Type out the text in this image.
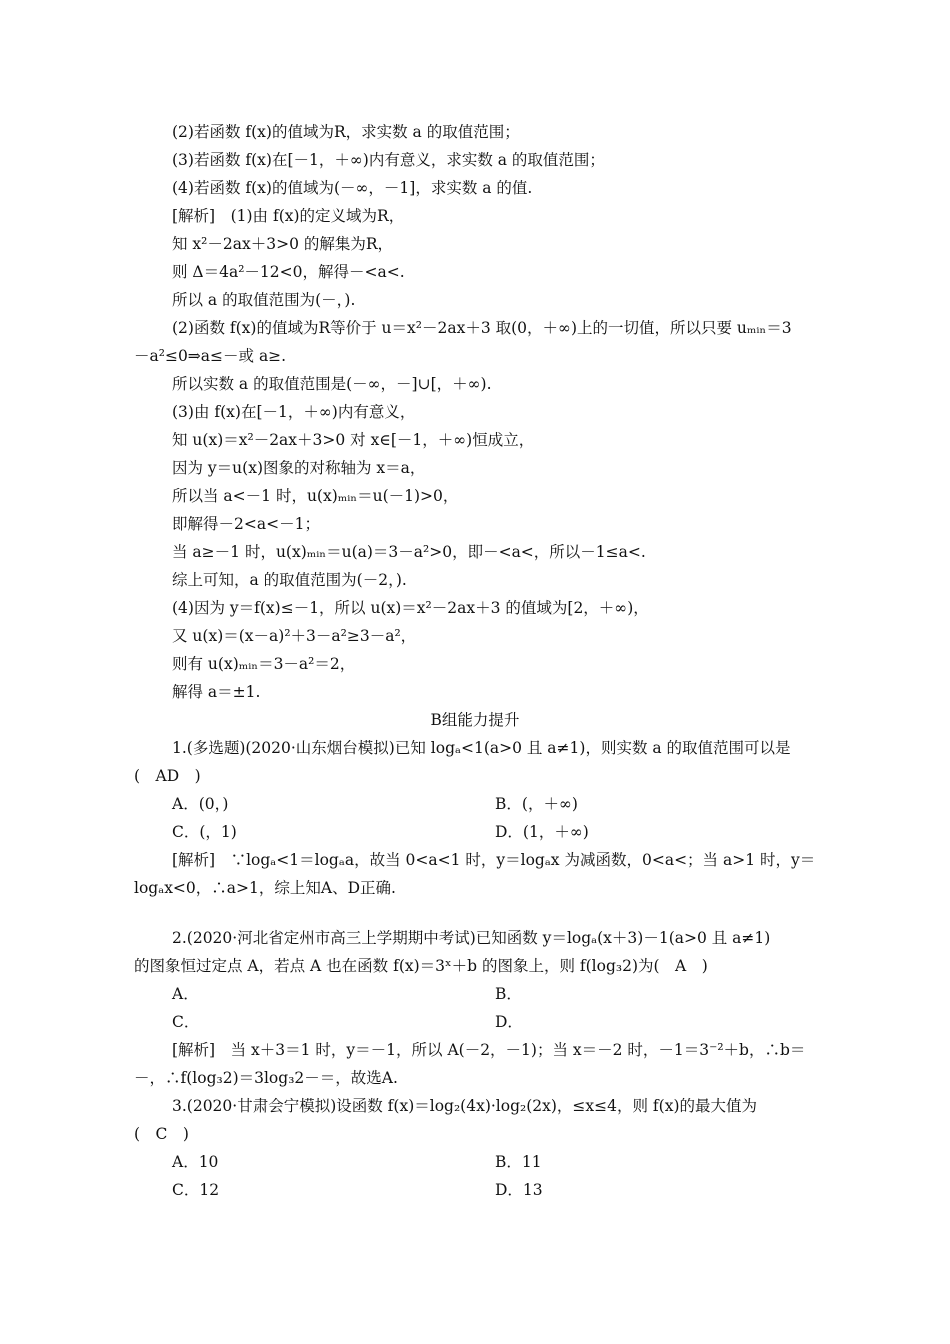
(2)若函数 f(x)的值域为R，求实数 a 的取值范围；
(3)若函数 f(x)在[－1，＋∞)内有意义，求实数 a 的取值范围；
(4)若函数 f(x)的值域为(－∞，－1]，求实数 a 的值.
[解析]　(1)由 f(x)的定义域为R，
知 x²－2ax＋3>0 的解集为R，
则 Δ＝4a²－12<0，解得－<a<.
所以 a 的取值范围为(－，).
(2)函数 f(x)的值域为R等价于 u＝x²－2ax＋3 取(0，＋∞)上的一切值，所以只要 uₘᵢₙ＝3
－a²≤0⇒a≤－或 a≥.
所以实数 a 的取值范围是(－∞，－]∪[，＋∞).
(3)由 f(x)在[－1，＋∞)内有意义，
知 u(x)＝x²－2ax＋3>0 对 x∈[－1，＋∞)恒成立，
因为 y＝u(x)图象的对称轴为 x＝a，
所以当 a<－1 时，u(x)ₘᵢₙ＝u(－1)>0，
即解得－2<a<－1；
当 a≥－1 时，u(x)ₘᵢₙ＝u(a)＝3－a²>0，即－<a<，所以－1≤a<.
综上可知，a 的取值范围为(－2，).
(4)因为 y＝f(x)≤－1，所以 u(x)＝x²－2ax＋3 的值域为[2，＋∞)，
又 u(x)＝(x－a)²＋3－a²≥3－a²，
则有 u(x)ₘᵢₙ＝3－a²＝2，
解得 a＝±1.
B组能力提升
1.(多选题)(2020·山东烟台模拟)已知 logₐ<1(a>0 且 a≠1)，则实数 a 的取值范围可以是
(　AD　)
A．(0，)	B．(，＋∞)
C．(，1)	D．(1，＋∞)
[解析]　∵logₐ<1＝logₐa，故当 0<a<1 时，y＝logₐx 为减函数，0<a<；当 a>1 时，y＝
logₐx<0，∴a>1，综上知A、D正确.
2.(2020·河北省定州市高三上学期期中考试)已知函数 y＝logₐ(x＋3)－1(a>0 且 a≠1)
的图象恒过定点 A，若点 A 也在函数 f(x)＝3ˣ＋b 的图象上，则 f(log₃2)为(　A　)
A．	B．
C．	D．
[解析]　当 x＋3＝1 时，y＝－1，所以 A(－2，－1)；当 x＝－2 时，－1＝3⁻²＋b，∴b＝
－，∴f(log₃2)＝3log₃2－＝，故选A.
3.(2020·甘肃会宁模拟)设函数 f(x)＝log₂(4x)·log₂(2x)，≤x≤4，则 f(x)的最大值为
(　C　)
A．10	B．11
C．12	D．13
